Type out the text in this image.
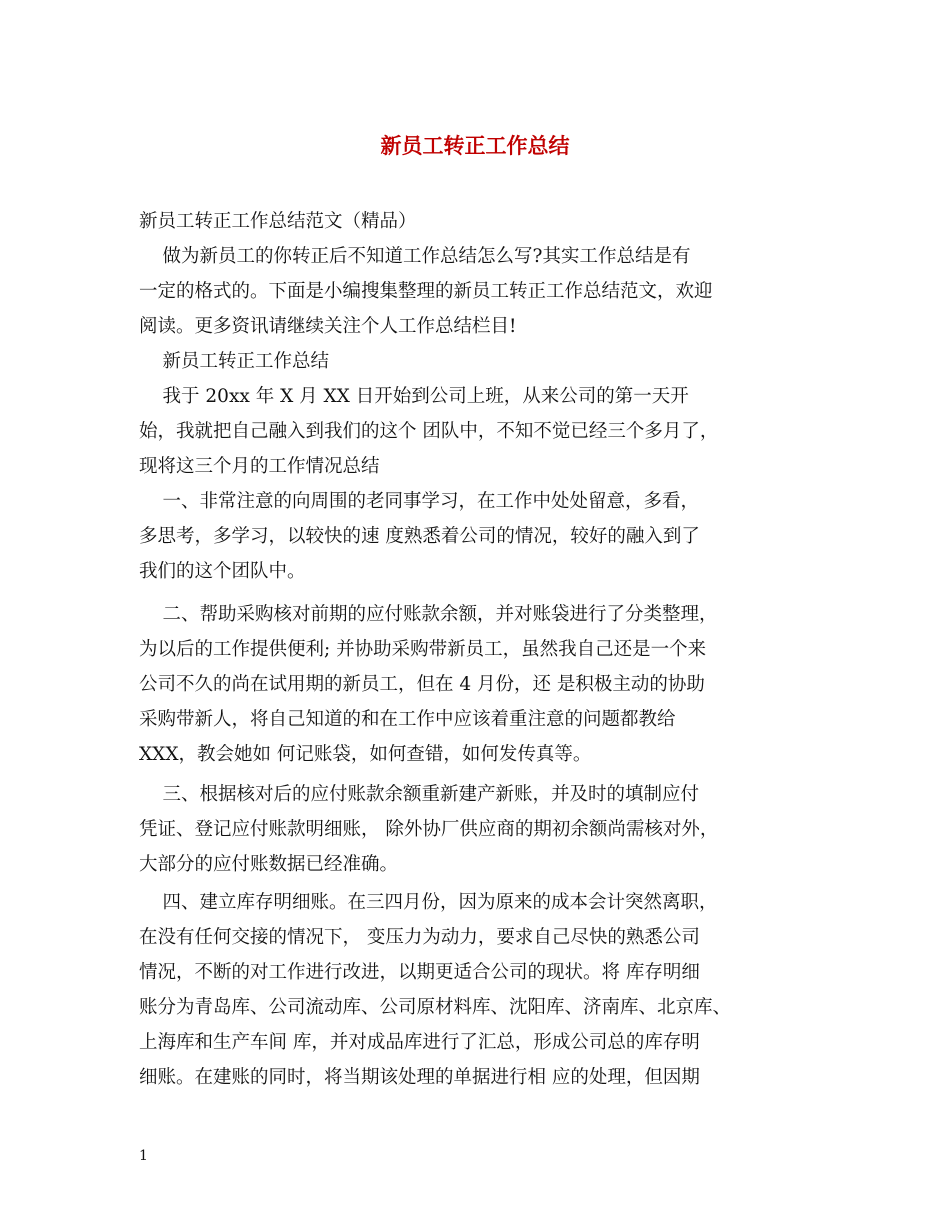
新员工转正工作总结
新员工转正工作总结范文（精品）
做为新员工的你转正后不知道工作总结怎么写?其实工作总结是有
一定的格式的。下面是小编搜集整理的新员工转正工作总结范文，欢迎
阅读。更多资讯请继续关注个人工作总结栏目!
新员工转正工作总结
我于 20xx 年 X 月 XX 日开始到公司上班，从来公司的第一天开
始，我就把自己融入到我们的这个 团队中，不知不觉已经三个多月了，
现将这三个月的工作情况总结
一、非常注意的向周围的老同事学习，在工作中处处留意，多看，
多思考，多学习，以较快的速 度熟悉着公司的情况，较好的融入到了
我们的这个团队中。
二、帮助采购核对前期的应付账款余额，并对账袋进行了分类整理，
为以后的工作提供便利; 并协助采购带新员工，虽然我自己还是一个来
公司不久的尚在试用期的新员工，但在 4 月份，还 是积极主动的协助
采购带新人，将自己知道的和在工作中应该着重注意的问题都教给
XXX，教会她如 何记账袋，如何查错，如何发传真等。
三、根据核对后的应付账款余额重新建产新账，并及时的填制应付
凭证、登记应付账款明细账， 除外协厂供应商的期初余额尚需核对外，
大部分的应付账数据已经准确。
四、建立库存明细账。在三四月份，因为原来的成本会计突然离职，
在没有任何交接的情况下， 变压力为动力，要求自己尽快的熟悉公司
情况，不断的对工作进行改进，以期更适合公司的现状。将 库存明细
账分为青岛库、公司流动库、公司原材料库、沈阳库、济南库、北京库、
上海库和生产车间 库，并对成品库进行了汇总，形成公司总的库存明
细账。在建账的同时，将当期该处理的单据进行相 应的处理，但因期
1
